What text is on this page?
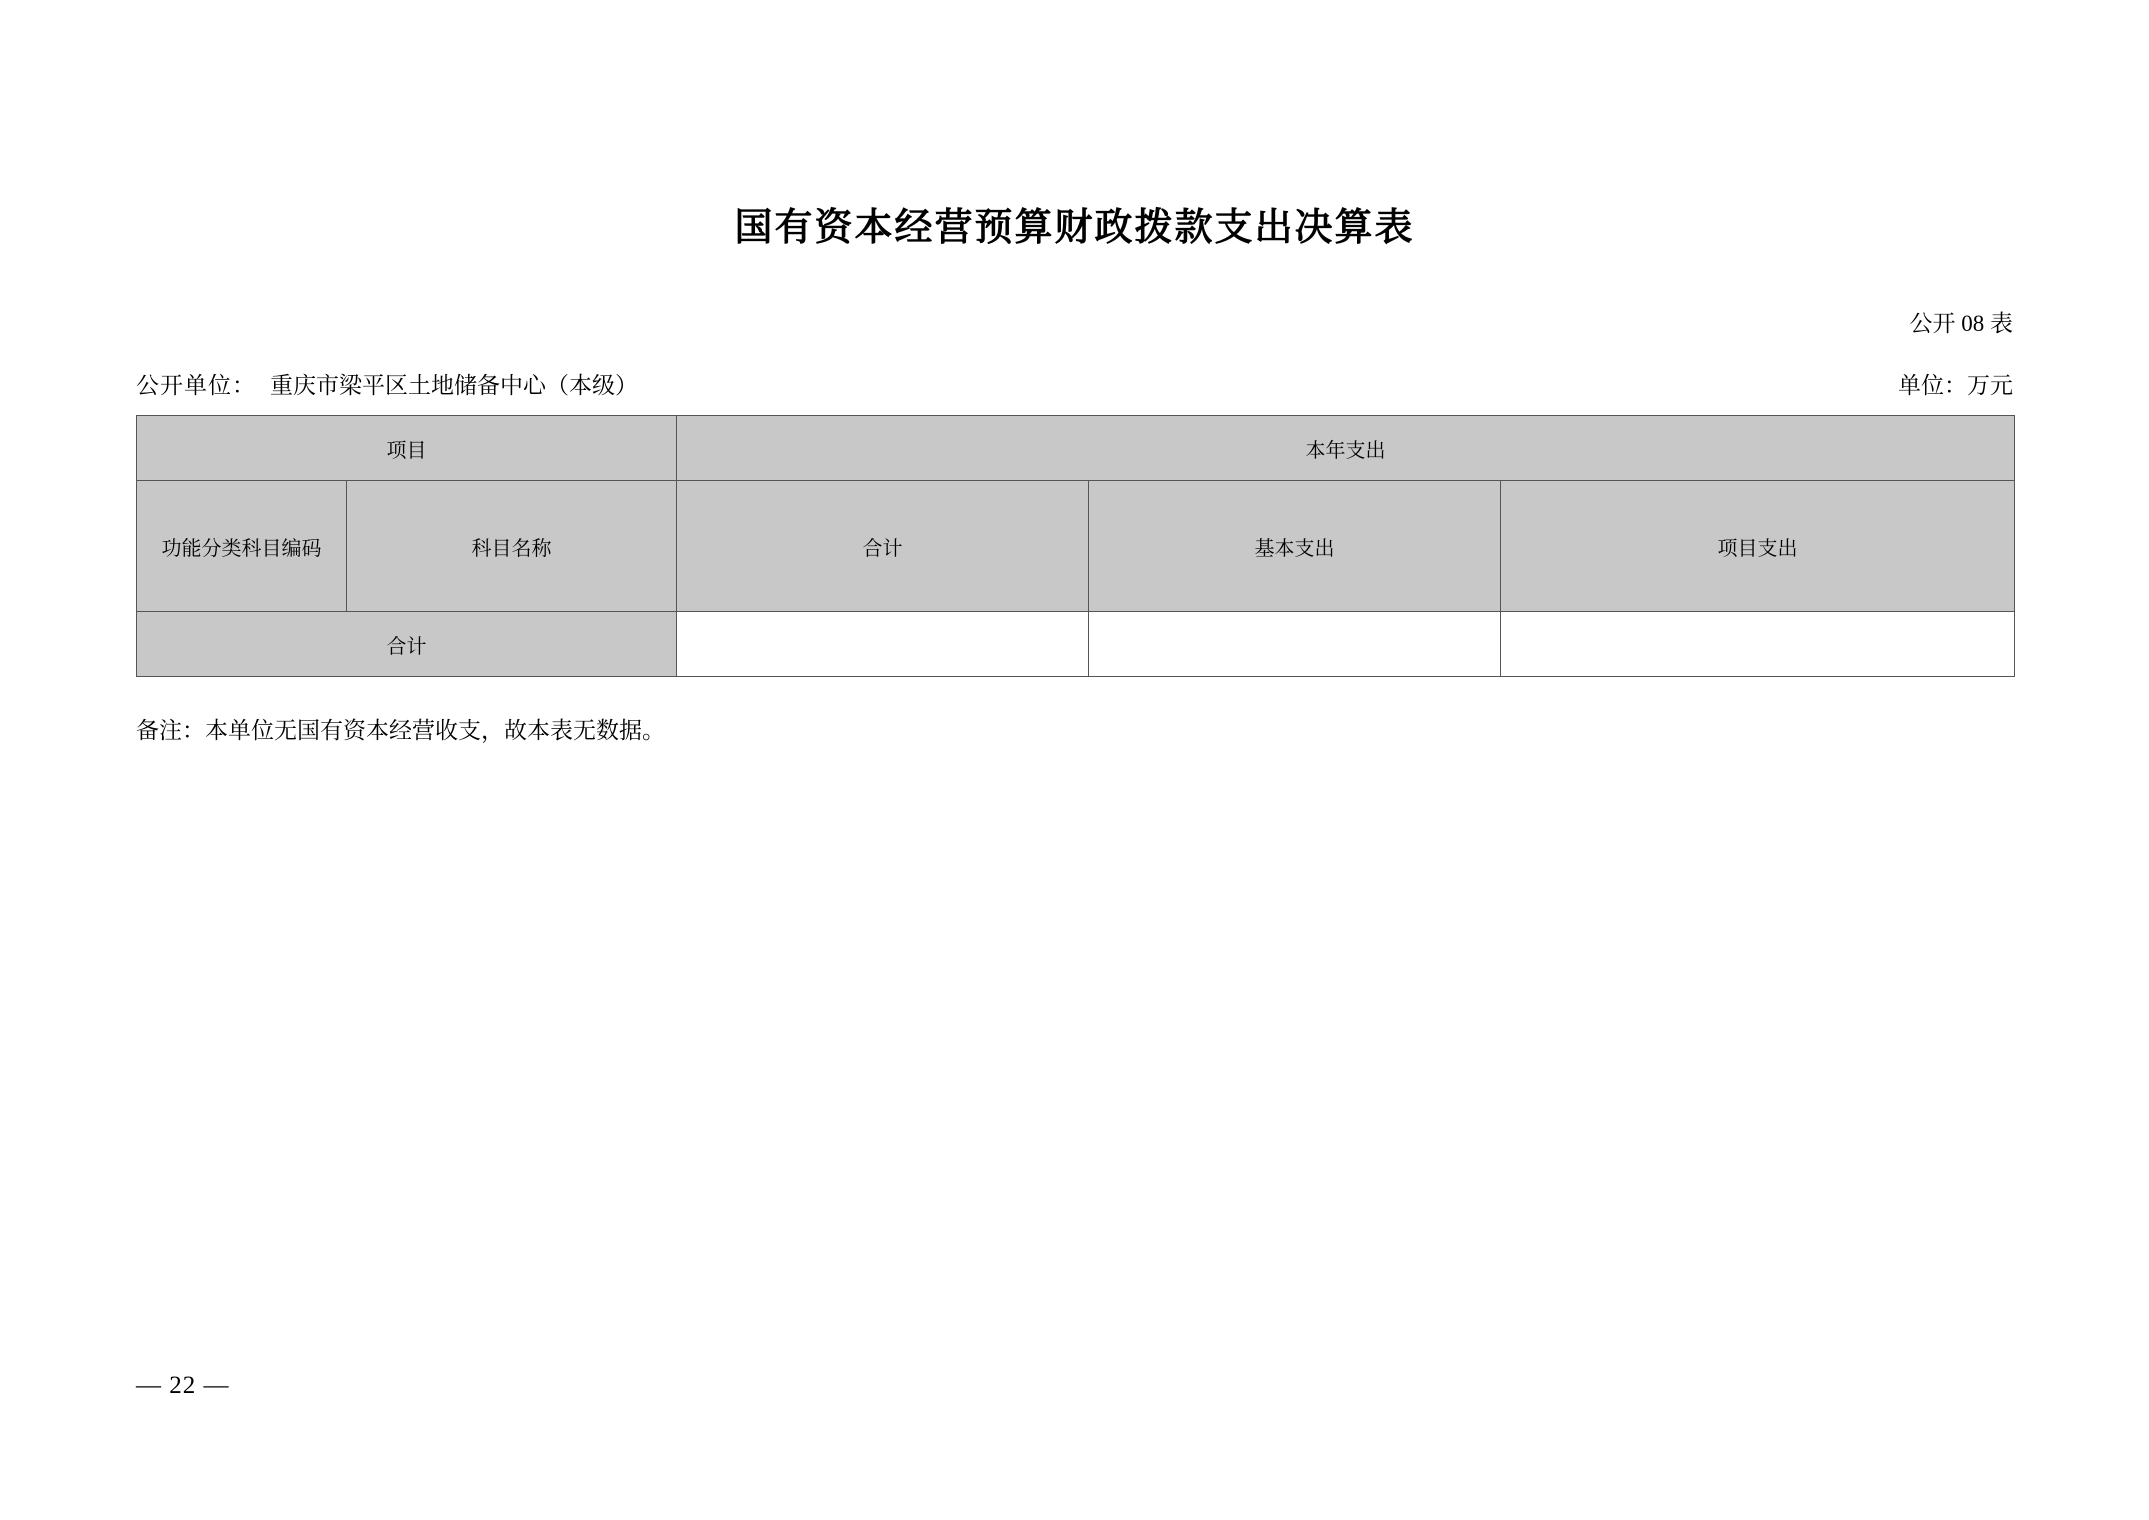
国有资本经营预算财政拨款支出决算表
公开 08 表
公开单位： 重庆市梁平区土地储备中心（本级）	单位：万元
项目		本年支出		
功能分类科目编码	科目名称	合计	基本支出	项目支出
合计				
备注：本单位无国有资本经营收支，故本表无数据。
— 22 —
